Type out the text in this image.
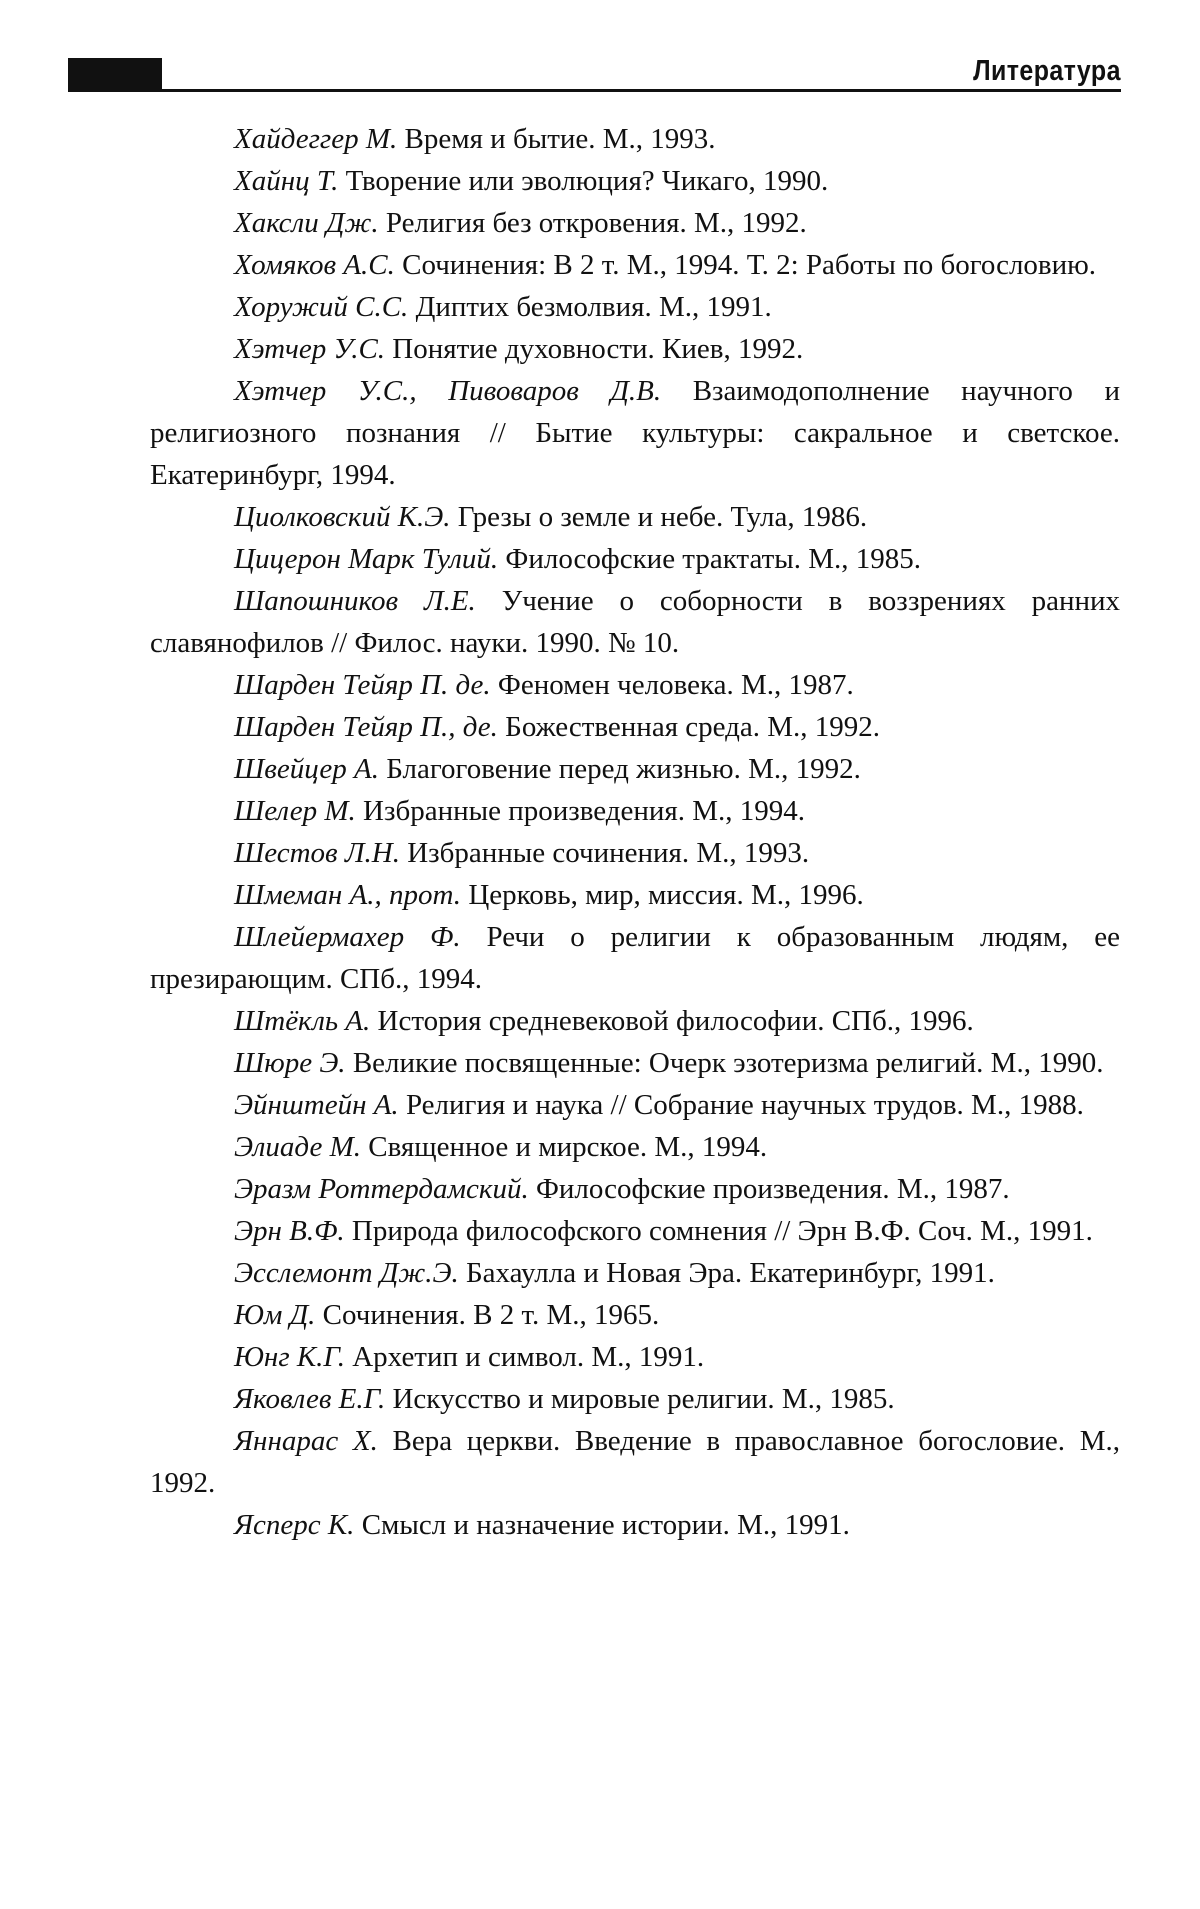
Литература

Хайдеггер М. Время и бытие. М., 1993.

Хайнц Т. Творение или эволюция? Чикаго, 1990.

Хаксли Дж. Религия без откровения. М., 1992.

Хомяков А.С. Сочинения: В 2 т. М., 1994. Т. 2: Работы по богословию.

Хоружий С.С. Диптих безмолвия. М., 1991.

Хэтчер У.С. Понятие духовности. Киев, 1992.

Хэтчер У.С., Пивоваров Д.В. Взаимодополнение научного и религиозного познания // Бытие культуры: сакральное и светское. Екатеринбург, 1994.

Циолковский К.Э. Грезы о земле и небе. Тула, 1986.

Цицерон Марк Тулий. Философские трактаты. М., 1985.

Шапошников Л.Е. Учение о соборности в воззрениях ранних славянофилов // Филос. науки. 1990. № 10.

Шарден Тейяр П. де. Феномен человека. М., 1987.

Шарден Тейяр П., де. Божественная среда. М., 1992.

Швейцер А. Благоговение перед жизнью. М., 1992.

Шелер М. Избранные произведения. М., 1994.

Шестов Л.Н. Избранные сочинения. М., 1993.

Шмеман А., прот. Церковь, мир, миссия. М., 1996.

Шлейермахер Ф. Речи о религии к образованным людям, ее презирающим. СПб., 1994.

Штёкль А. История средневековой философии. СПб., 1996.

Шюре Э. Великие посвященные: Очерк эзотеризма религий. М., 1990.

Эйнштейн А. Религия и наука // Собрание научных трудов. М., 1988.

Элиаде М. Священное и мирское. М., 1994.

Эразм Роттердамский. Философские произведения. М., 1987.

Эрн В.Ф. Природа философского сомнения // Эрн В.Ф. Соч. М., 1991.

Эсслемонт Дж.Э. Бахаулла и Новая Эра. Екатеринбург, 1991.

Юм Д. Сочинения. В 2 т. М., 1965.

Юнг К.Г. Архетип и символ. М., 1991.

Яковлев Е.Г. Искусство и мировые религии. М., 1985.

Яннарас Х. Вера церкви. Введение в православное богословие. М., 1992.

Ясперс К. Смысл и назначение истории. М., 1991.
